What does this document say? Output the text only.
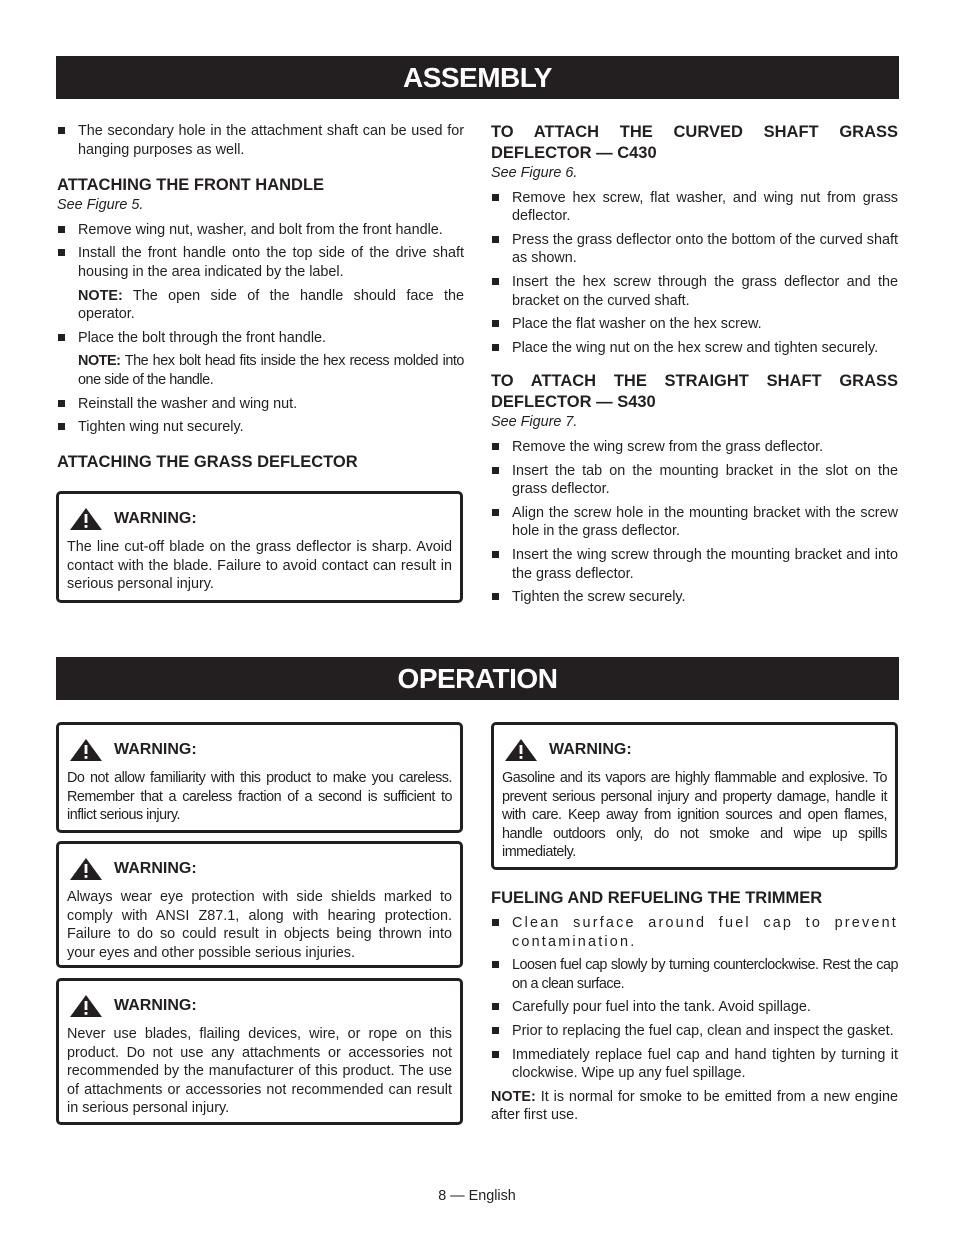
ASSEMBLY
The secondary hole in the attachment shaft can be used for hanging purposes as well.
ATTACHING THE FRONT HANDLE
See Figure 5.
Remove wing nut, washer, and bolt from the front handle.
Install the front handle onto the top side of the drive shaft housing in the area indicated by the label.
NOTE: The open side of the handle should face the operator.
Place the bolt through the front handle.
NOTE: The hex bolt head fits inside the hex recess molded into one side of the handle.
Reinstall the washer and wing nut.
Tighten wing nut securely.
ATTACHING THE GRASS DEFLECTOR
WARNING:
The line cut-off blade on the grass deflector is sharp. Avoid contact with the blade. Failure to avoid contact can result in serious personal injury.
TO ATTACH THE CURVED SHAFT GRASS DEFLECTOR — C430
See Figure 6.
Remove hex screw, flat washer, and wing nut from grass deflector.
Press the grass deflector onto the bottom of the curved shaft as shown.
Insert the hex screw through the grass deflector and the bracket on the curved shaft.
Place the flat washer on the hex screw.
Place the wing nut on the hex screw and tighten securely.
TO ATTACH THE STRAIGHT SHAFT GRASS DEFLECTOR — S430
See Figure 7.
Remove the wing screw from the grass deflector.
Insert the tab on the mounting bracket in the slot on the grass deflector.
Align the screw hole in the mounting bracket with the screw hole in the grass deflector.
Insert the wing screw through the mounting bracket and into the grass deflector.
Tighten the screw securely.
OPERATION
WARNING:
Do not allow familiarity with this product to make you careless. Remember that a careless fraction of a second is sufficient to inflict serious injury.
WARNING:
Always wear eye protection with side shields marked to comply with ANSI Z87.1, along with hearing protection. Failure to do so could result in objects being thrown into your eyes and other possible serious injuries.
WARNING:
Never use blades, flailing devices, wire, or rope on this product. Do not use any attachments or accessories not recommended by the manufacturer of this product. The use of attachments or accessories not recommended can result in serious personal injury.
WARNING:
Gasoline and its vapors are highly flammable and explosive. To prevent serious personal injury and property damage, handle it with care. Keep away from ignition sources and open flames, handle outdoors only, do not smoke and wipe up spills immediately.
FUELING AND REFUELING THE TRIMMER
Clean surface around fuel cap to prevent contamination.
Loosen fuel cap slowly by turning counterclockwise. Rest the cap on a clean surface.
Carefully pour fuel into the tank. Avoid spillage.
Prior to replacing the fuel cap, clean and inspect the gasket.
Immediately replace fuel cap and hand tighten by turning it clockwise. Wipe up any fuel spillage.

NOTE: It is normal for smoke to be emitted from a new engine after first use.

8 — English
